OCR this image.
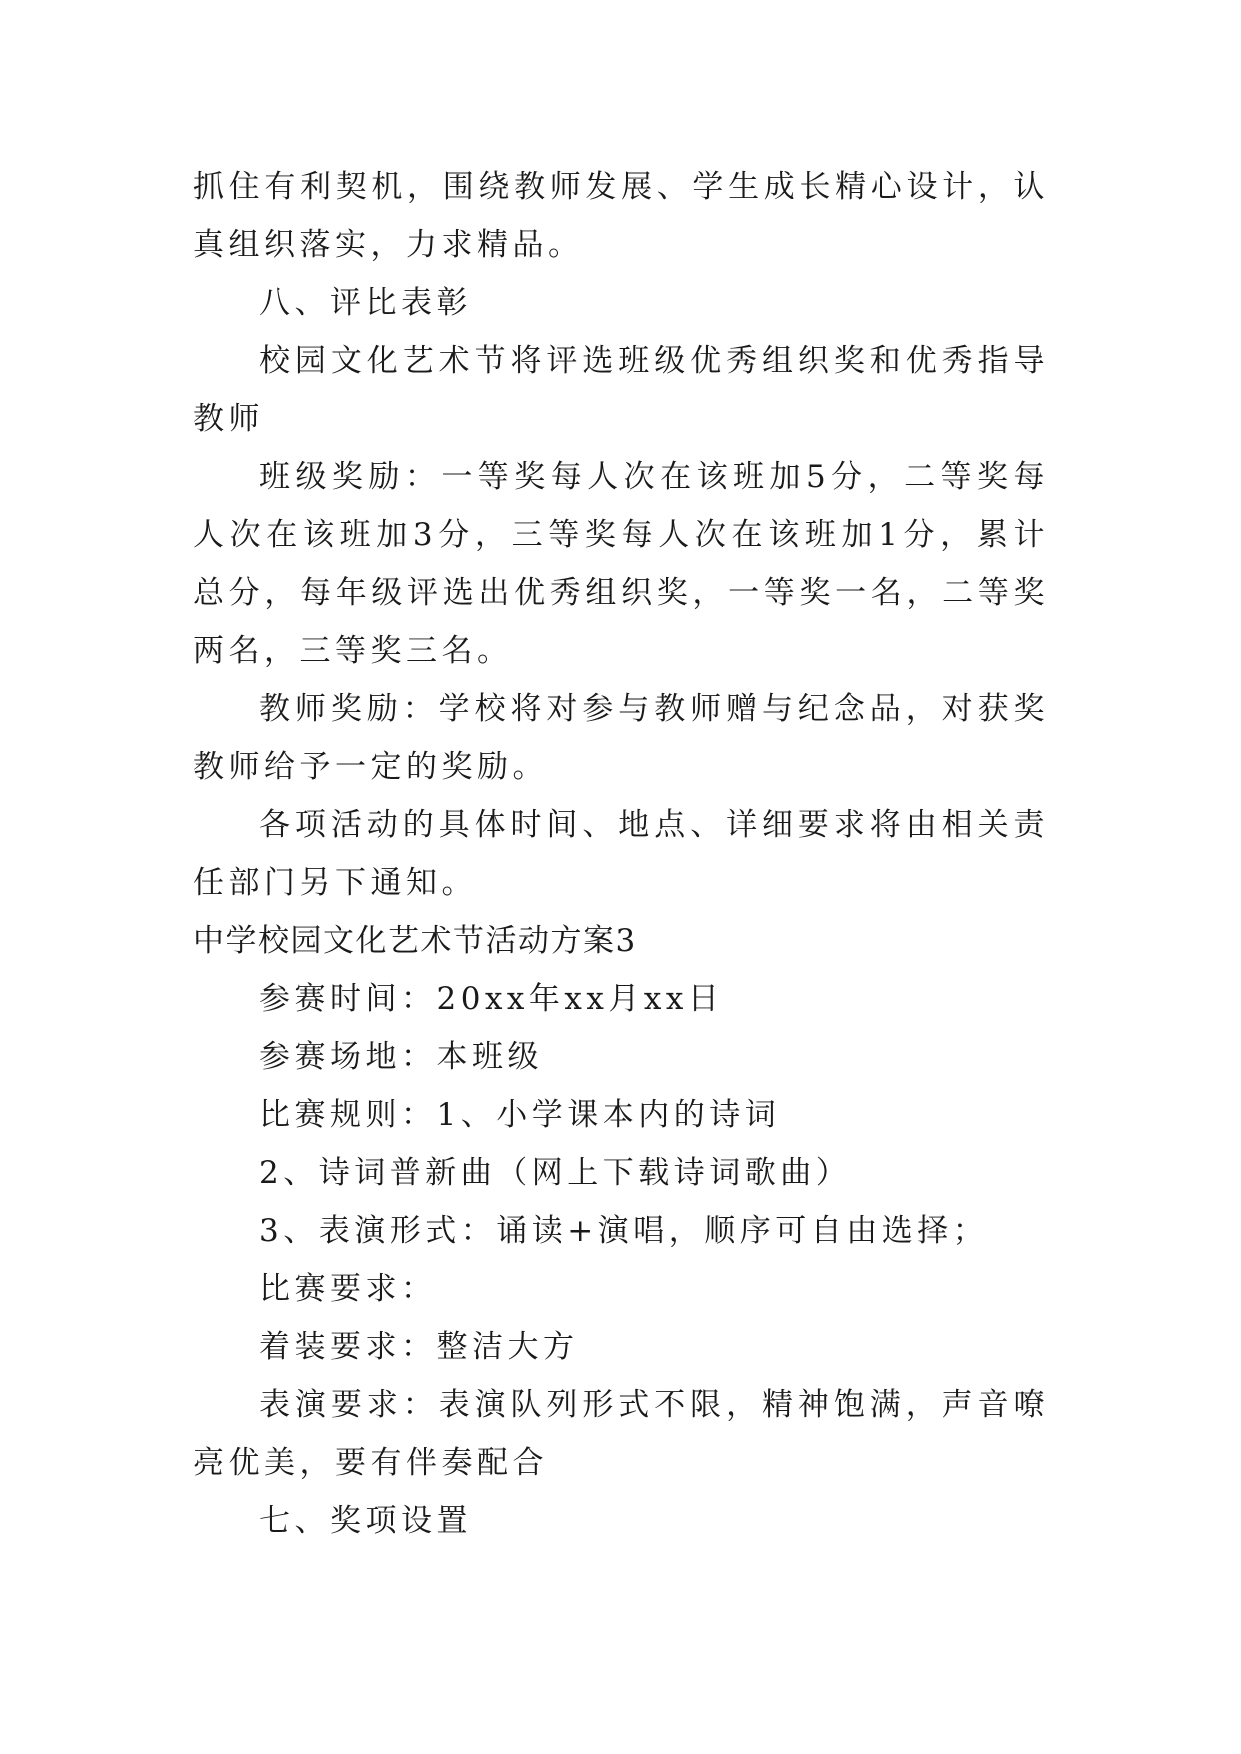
抓住有利契机，围绕教师发展、学生成长精心设计，认真组织落实，力求精品。

八、评比表彰

校园文化艺术节将评选班级优秀组织奖和优秀指导教师

班级奖励：一等奖每人次在该班加5分，二等奖每人次在该班加3分，三等奖每人次在该班加1分，累计总分，每年级评选出优秀组织奖，一等奖一名，二等奖两名，三等奖三名。

教师奖励：学校将对参与教师赠与纪念品，对获奖教师给予一定的奖励。

各项活动的具体时间、地点、详细要求将由相关责任部门另下通知。

中学校园文化艺术节活动方案3

参赛时间：20xx年xx月xx日

参赛场地：本班级

比赛规则：1、小学课本内的诗词

2、诗词普新曲（网上下载诗词歌曲）

3、表演形式：诵读+演唱，顺序可自由选择；

比赛要求：

着装要求：整洁大方

表演要求：表演队列形式不限，精神饱满，声音嘹亮优美，要有伴奏配合

七、奖项设置
